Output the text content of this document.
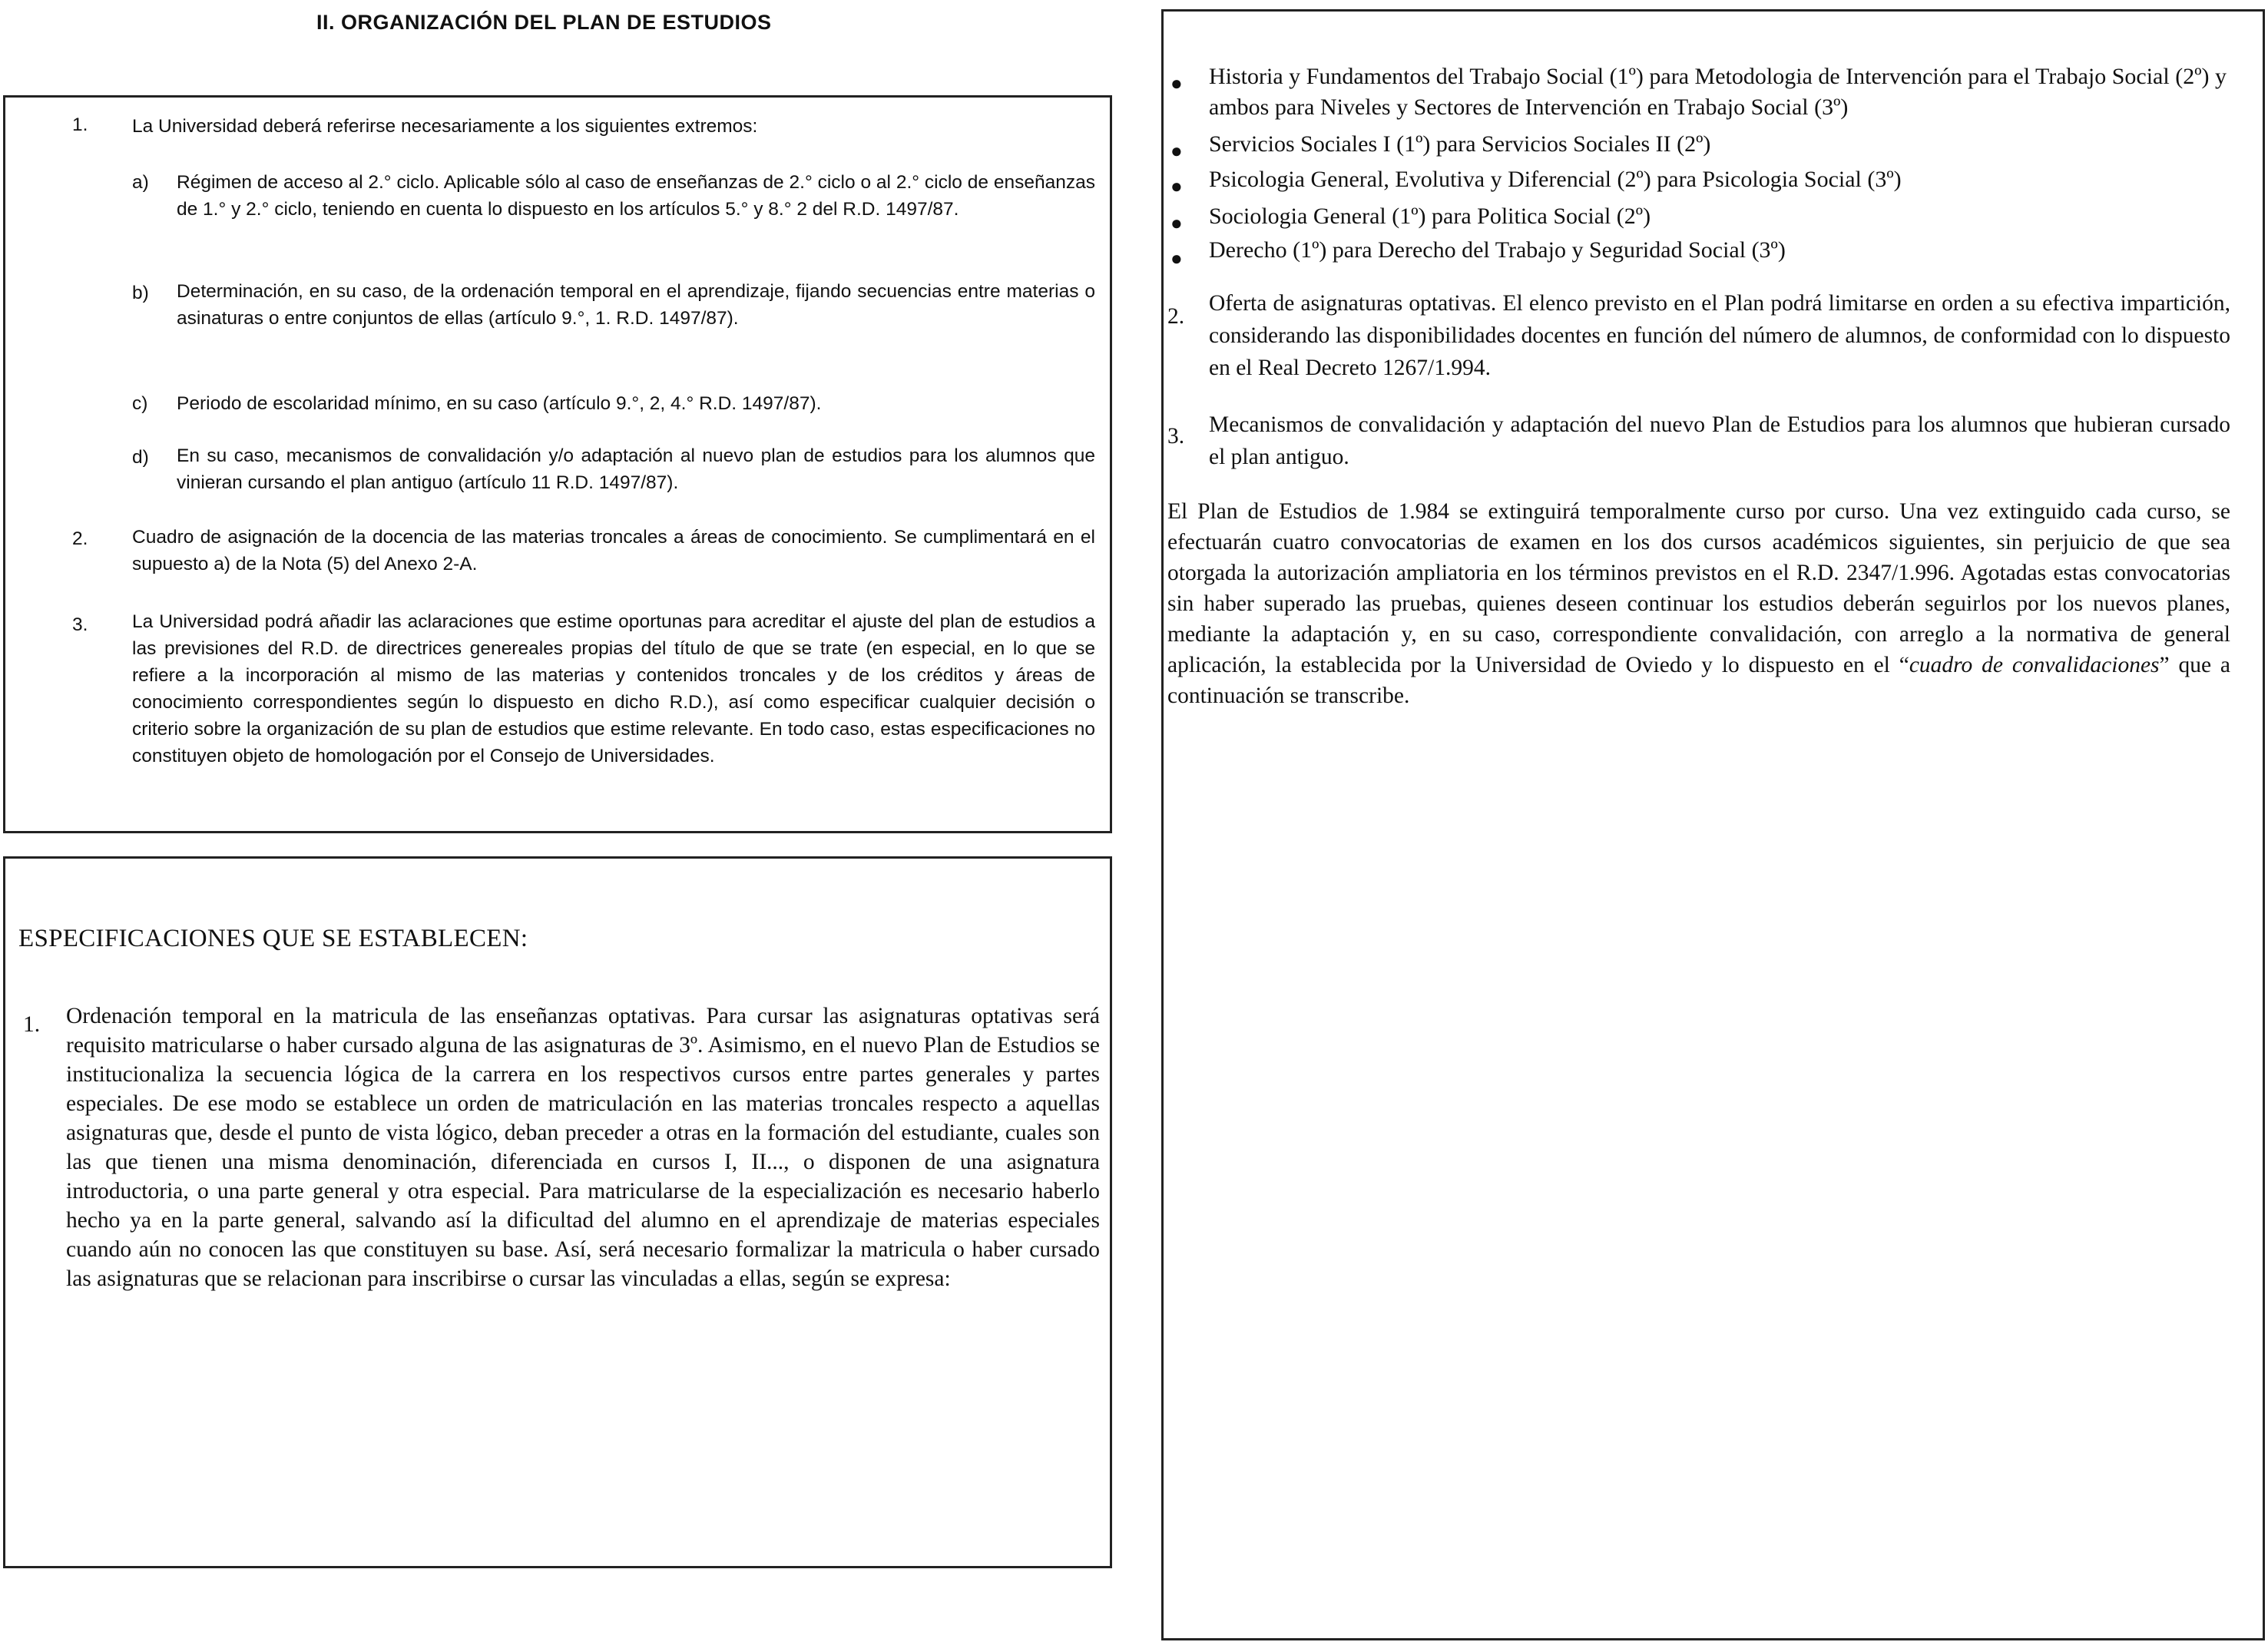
II. ORGANIZACIÓN DEL PLAN DE ESTUDIOS
1. La Universidad deberá referirse necesariamente a los siguientes extremos:
a) Régimen de acceso al 2.° ciclo. Aplicable sólo al caso de enseñanzas de 2.° ciclo o al 2.° ciclo de enseñanzas de 1.° y 2.° ciclo, teniendo en cuenta lo dispuesto en los artículos 5.° y 8.° 2 del R.D. 1497/87.
b) Determinación, en su caso, de la ordenación temporal en el aprendizaje, fijando secuencias entre materias o asinaturas o entre conjuntos de ellas (artículo 9.°, 1. R.D. 1497/87).
c) Periodo de escolaridad mínimo, en su caso (artículo 9.°, 2, 4.° R.D. 1497/87).
d) En su caso, mecanismos de convalidación y/o adaptación al nuevo plan de estudios para los alumnos que vinieran cursando el plan antiguo (artículo 11 R.D. 1497/87).
2. Cuadro de asignación de la docencia de las materias troncales a áreas de conocimiento. Se cumplimentará en el supuesto a) de la Nota (5) del Anexo 2-A.
3. La Universidad podrá añadir las aclaraciones que estime oportunas para acreditar el ajuste del plan de estudios a las previsiones del R.D. de directrices genereales propias del título de que se trate (en especial, en lo que se refiere a la incorporación al mismo de las materias y contenidos troncales y de los créditos y áreas de conocimiento correspondientes según lo dispuesto en dicho R.D.), así como especificar cualquier decisión o criterio sobre la organización de su plan de estudios que estime relevante. En todo caso, estas especificaciones no constituyen objeto de homologación por el Consejo de Universidades.
ESPECIFICACIONES QUE SE ESTABLECEN:
1. Ordenación temporal en la matricula de las enseñanzas optativas. Para cursar las asignaturas optativas será requisito matricularse o haber cursado alguna de las asignaturas de 3º. Asimismo, en el nuevo Plan de Estudios se institucionaliza la secuencia lógica de la carrera en los respectivos cursos entre partes generales y partes especiales. De ese modo se establece un orden de matriculación en las materias troncales respecto a aquellas asignaturas que, desde el punto de vista lógico, deban preceder a otras en la formación del estudiante, cuales son las que tienen una misma denominación, diferenciada en cursos I, II..., o disponen de una asignatura introductoria, o una parte general y otra especial. Para matricularse de la especialización es necesario haberlo hecho ya en la parte general, salvando así la dificultad del alumno en el aprendizaje de materias especiales cuando aún no conocen las que constituyen su base. Así, será necesario formalizar la matricula o haber cursado las asignaturas que se relacionan para inscribirse o cursar las vinculadas a ellas, según se expresa:
● Historia y Fundamentos del Trabajo Social (1º) para Metodologia de Intervención para el Trabajo Social (2º) y ambos para Niveles y Sectores de Intervención en Trabajo Social (3º)
● Servicios Sociales I (1º) para Servicios Sociales II (2º)
● Psicologia General, Evolutiva y Diferencial (2º) para Psicologia Social (3º)
● Sociologia General (1º) para Politica Social (2º)
● Derecho (1º) para Derecho del Trabajo y Seguridad Social (3º)
2.
Oferta de asignaturas optativas. El elenco previsto en el Plan podrá limitarse en orden a su efectiva impartición, considerando las disponibilidades docentes en función del número de alumnos, de conformidad con lo dispuesto en el Real Decreto 1267/1.994.
3. Mecanismos de convalidación y adaptación del nuevo Plan de Estudios para los alumnos que hubieran cursado el plan antiguo.
El Plan de Estudios de 1.984 se extinguirá temporalmente curso por curso. Una vez extinguido cada curso, se efectuarán cuatro convocatorias de examen en los dos cursos académicos siguientes, sin perjuicio de que sea otorgada la autorización ampliatoria en los términos previstos en el R.D. 2347/1.996. Agotadas estas convocatorias sin haber superado las pruebas, quienes deseen continuar los estudios deberán seguirlos por los nuevos planes, mediante la adaptación y, en su caso, correspondiente convalidación, con arreglo a la normativa de general aplicación, la establecida por la Universidad de Oviedo y lo dispuesto en el “cuadro de convalidaciones” que a continuación se transcribe.
